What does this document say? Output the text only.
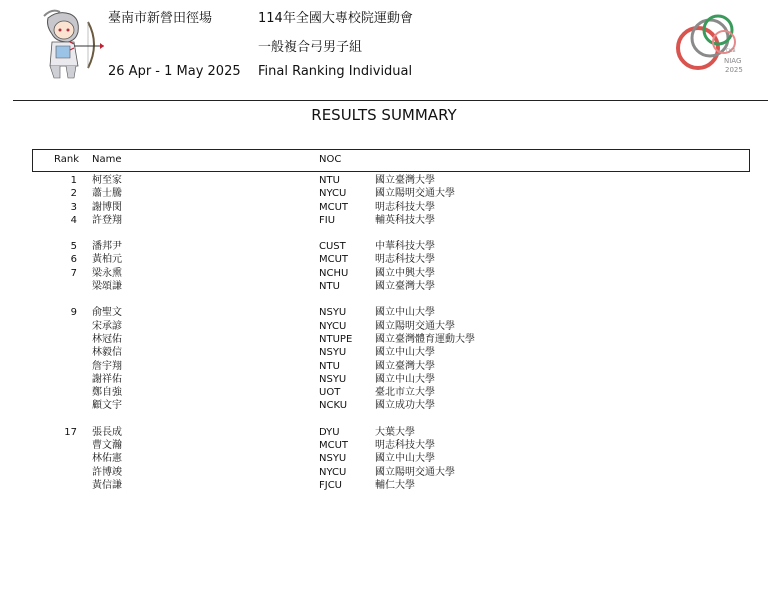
臺南市新營田徑場
26 Apr - 1 May 2025
114年全國大專校院運動會
一般複合弓男子組
Final Ranking Individual
CJCB
NIAG
2025
RESULTS SUMMARY
Rank Name	NOC
1 柯至家	NTU	國立臺灣大學
2 蕭士騰	NYCU	國立陽明交通大學
3 謝博閔	MCUT	明志科技大學
4 許登翔	FIU	輔英科技大學
5 潘邦尹	CUST	中華科技大學
6 黃柏元	MCUT	明志科技大學
7 梁永熏	NCHU	國立中興大學
梁頌謙	NTU	國立臺灣大學
9 俞聖文	NSYU	國立中山大學
宋承諺	NYCU	國立陽明交通大學
林冠佑	NTUPE 國立臺灣體育運動大學
林毅信	NSYU	國立中山大學
詹宇翔	NTU	國立臺灣大學
謝祥佑	NSYU	國立中山大學
鄭自強	UOT	臺北市立大學
顧文宇	NCKU	國立成功大學
17 張長成	DYU	大葉大學
曹文瀚	MCUT	明志科技大學
林佑憲	NSYU	國立中山大學
許博竣	NYCU	國立陽明交通大學
黃信謙	FJCU	輔仁大學
